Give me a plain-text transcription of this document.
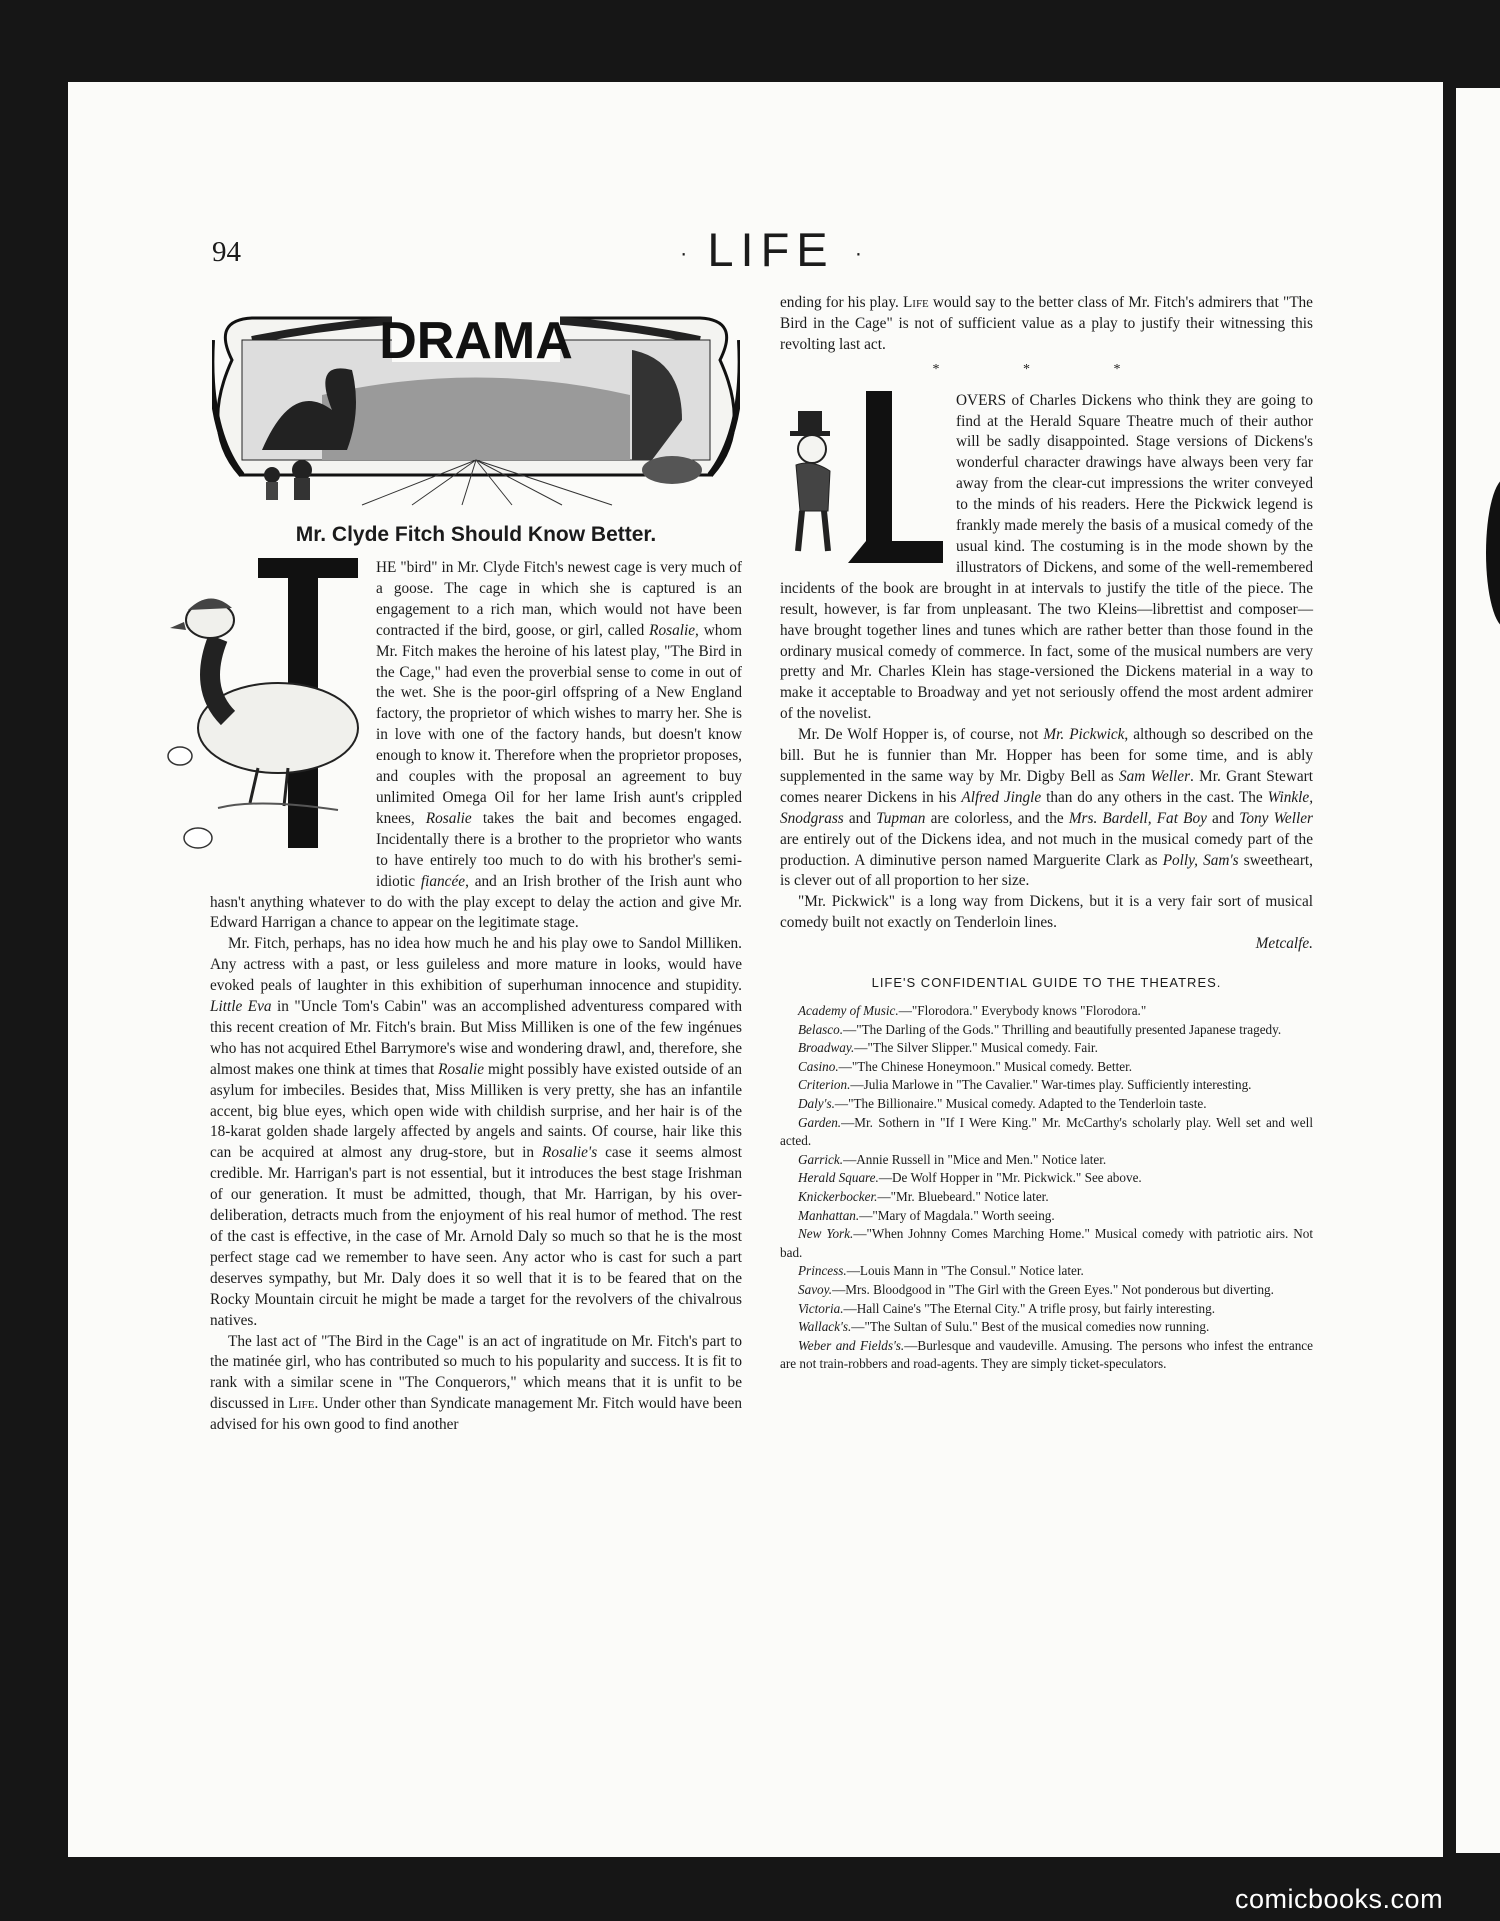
94	· LIFE ·
DRAMA
Mr. Clyde Fitch Should Know Better.

HE "bird" in Mr. Clyde Fitch's newest cage is very much of a goose. The cage in which she is captured is an engagement to a rich man, which would not have been contracted if the bird, goose, or girl, called Rosalie, whom Mr. Fitch makes the heroine of his latest play, "The Bird in the Cage," had even the proverbial sense to come in out of the wet. She is the poor-girl offspring of a New England factory, the proprietor of which wishes to marry her. She is in love with one of the factory hands, but doesn't know enough to know it. Therefore when the proprietor proposes, and couples with the proposal an agreement to buy unlimited Omega Oil for her lame Irish aunt's crippled knees, Rosalie takes the bait and becomes engaged. Incidentally there is a brother to the proprietor who wants to have entirely too much to do with his brother's semi-idiotic fiancée, and an Irish brother of the Irish aunt who hasn't anything whatever to do with the play except to delay the action and give Mr. Edward Harrigan a chance to appear on the legitimate stage.

Mr. Fitch, perhaps, has no idea how much he and his play owe to Sandol Milliken. Any actress with a past, or less guileless and more mature in looks, would have evoked peals of laughter in this exhibition of superhuman innocence and stupidity. Little Eva in "Uncle Tom's Cabin" was an accomplished adventuress compared with this recent creation of Mr. Fitch's brain. But Miss Milliken is one of the few ingénues who has not acquired Ethel Barrymore's wise and wondering drawl, and, therefore, she almost makes one think at times that Rosalie might possibly have existed outside of an asylum for imbeciles. Besides that, Miss Milliken is very pretty, she has an infantile accent, big blue eyes, which open wide with childish surprise, and her hair is of the 18-karat golden shade largely affected by angels and saints. Of course, hair like this can be acquired at almost any drug-store, but in Rosalie's case it seems almost credible. Mr. Harrigan's part is not essential, but it introduces the best stage Irishman of our generation. It must be admitted, though, that Mr. Harrigan, by his over-deliberation, detracts much from the enjoyment of his real humor of method. The rest of the cast is effective, in the case of Mr. Arnold Daly so much so that he is the most perfect stage cad we remember to have seen. Any actor who is cast for such a part deserves sympathy, but Mr. Daly does it so well that it is to be feared that on the Rocky Mountain circuit he might be made a target for the revolvers of the chivalrous natives.

The last act of "The Bird in the Cage" is an act of ingratitude on Mr. Fitch's part to the matinée girl, who has contributed so much to his popularity and success. It is fit to rank with a similar scene in "The Conquerors," which means that it is unfit to be discussed in Life. Under other than Syndicate management Mr. Fitch would have been advised for his own good to find another

ending for his play. Life would say to the better class of Mr. Fitch's admirers that "The Bird in the Cage" is not of sufficient value as a play to justify their witnessing this revolting last act.

* * *

OVERS of Charles Dickens who think they are going to find at the Herald Square Theatre much of their author will be sadly disappointed. Stage versions of Dickens's wonderful character drawings have always been very far away from the clear-cut impressions the writer conveyed to the minds of his readers. Here the Pickwick legend is frankly made merely the basis of a musical comedy of the usual kind. The costuming is in the mode shown by the illustrators of Dickens, and some of the well-remembered incidents of the book are brought in at intervals to justify the title of the piece. The result, however, is far from unpleasant. The two Kleins—librettist and composer—have brought together lines and tunes which are rather better than those found in the ordinary musical comedy of commerce. In fact, some of the musical numbers are very pretty and Mr. Charles Klein has stage-versioned the Dickens material in a way to make it acceptable to Broadway and yet not seriously offend the most ardent admirer of the novelist.

Mr. De Wolf Hopper is, of course, not Mr. Pickwick, although so described on the bill. But he is funnier than Mr. Hopper has been for some time, and is ably supplemented in the same way by Mr. Digby Bell as Sam Weller. Mr. Grant Stewart comes nearer Dickens in his Alfred Jingle than do any others in the cast. The Winkle, Snodgrass and Tupman are colorless, and the Mrs. Bardell, Fat Boy and Tony Weller are entirely out of the Dickens idea, and not much in the musical comedy part of the production. A diminutive person named Marguerite Clark as Polly, Sam's sweetheart, is clever out of all proportion to her size.

"Mr. Pickwick" is a long way from Dickens, but it is a very fair sort of musical comedy built not exactly on Tenderloin lines.

Metcalfe.
LIFE'S CONFIDENTIAL GUIDE TO THE THEATRES.

Academy of Music.—"Florodora." Everybody knows "Florodora."

Belasco.—"The Darling of the Gods." Thrilling and beautifully presented Japanese tragedy.

Broadway.—"The Silver Slipper." Musical comedy. Fair.

Casino.—"The Chinese Honeymoon." Musical comedy. Better.

Criterion.—Julia Marlowe in "The Cavalier." War-times play. Sufficiently interesting.

Daly's.—"The Billionaire." Musical comedy. Adapted to the Tenderloin taste.

Garden.—Mr. Sothern in "If I Were King." Mr. McCarthy's scholarly play. Well set and well acted.

Garrick.—Annie Russell in "Mice and Men." Notice later.

Herald Square.—De Wolf Hopper in "Mr. Pickwick." See above.

Knickerbocker.—"Mr. Bluebeard." Notice later.

Manhattan.—"Mary of Magdala." Worth seeing.

New York.—"When Johnny Comes Marching Home." Musical comedy with patriotic airs. Not bad.

Princess.—Louis Mann in "The Consul." Notice later.

Savoy.—Mrs. Bloodgood in "The Girl with the Green Eyes." Not ponderous but diverting.

Victoria.—Hall Caine's "The Eternal City." A trifle prosy, but fairly interesting.

Wallack's.—"The Sultan of Sulu." Best of the musical comedies now running.

Weber and Fields's.—Burlesque and vaudeville. Amusing. The persons who infest the entrance are not train-robbers and road-agents. They are simply ticket-speculators.

comicbooks.com
